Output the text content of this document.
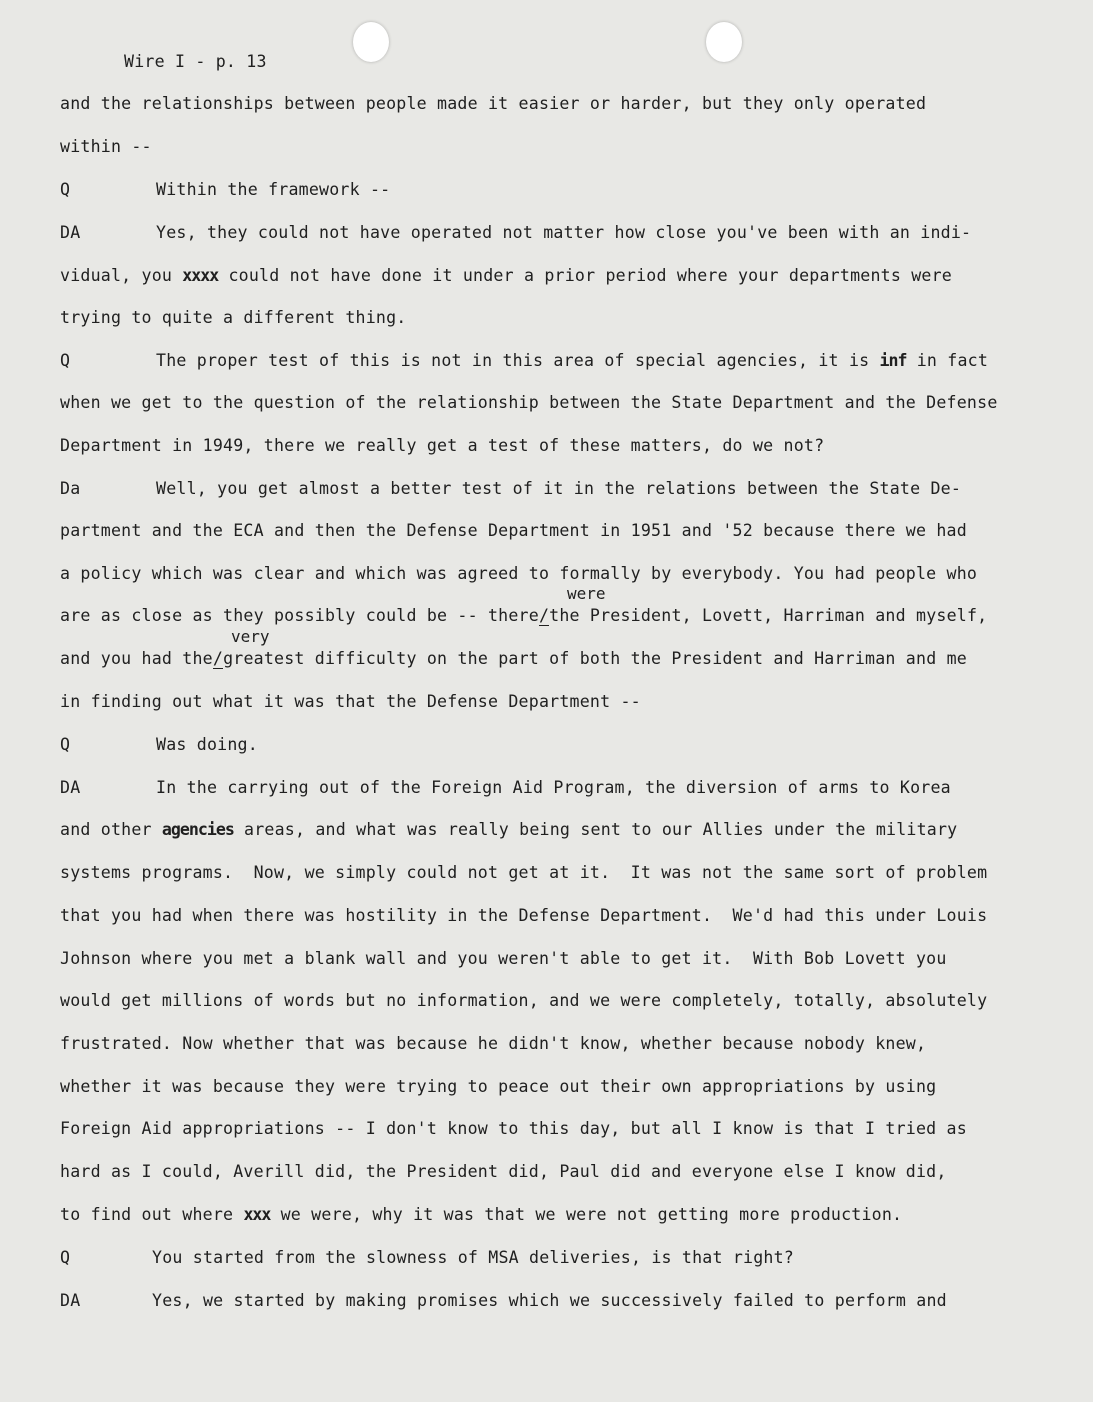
Wire I - p. 13
and the relationships between people made it easier or harder, but they only operated
within --
Q	Within the framework --
DA	Yes, they could not have operated not matter how close you've been with an indi-
vidual, you xxxx could not have done it under a prior period where your departments were
trying to quite a different thing.
Q	The proper test of this is not in this area of special agencies, it is inf in fact
when we get to the question of the relationship between the State Department and the Defense
Department in 1949, there we really get a test of these matters, do we not?
Da	Well, you get almost a better test of it in the relations between the State De-
partment and the ECA and then the Defense Department in 1951 and '52 because there we had
a policy which was clear and which was agreed to formally by everybody. You had people who
were
are as close as they possibly could be -- there/the President, Lovett, Harriman and myself,
very
and you had the/greatest difficulty on the part of both the President and Harriman and me
in finding out what it was that the Defense Department --
Q	Was doing.
DA	In the carrying out of the Foreign Aid Program, the diversion of arms to Korea
and other agencies areas, and what was really being sent to our Allies under the military
systems programs.  Now, we simply could not get at it.  It was not the same sort of problem
that you had when there was hostility in the Defense Department.  We'd had this under Louis
Johnson where you met a blank wall and you weren't able to get it.  With Bob Lovett you
would get millions of words but no information, and we were completely, totally, absolutely
frustrated. Now whether that was because he didn't know, whether because nobody knew,
whether it was because they were trying to peace out their own appropriations by using
Foreign Aid appropriations -- I don't know to this day, but all I know is that I tried as
hard as I could, Averill did, the President did, Paul did and everyone else I know did,
to find out where xxx we were, why it was that we were not getting more production.
Q	You started from the slowness of MSA deliveries, is that right?
DA	Yes, we started by making promises which we successively failed to perform and
